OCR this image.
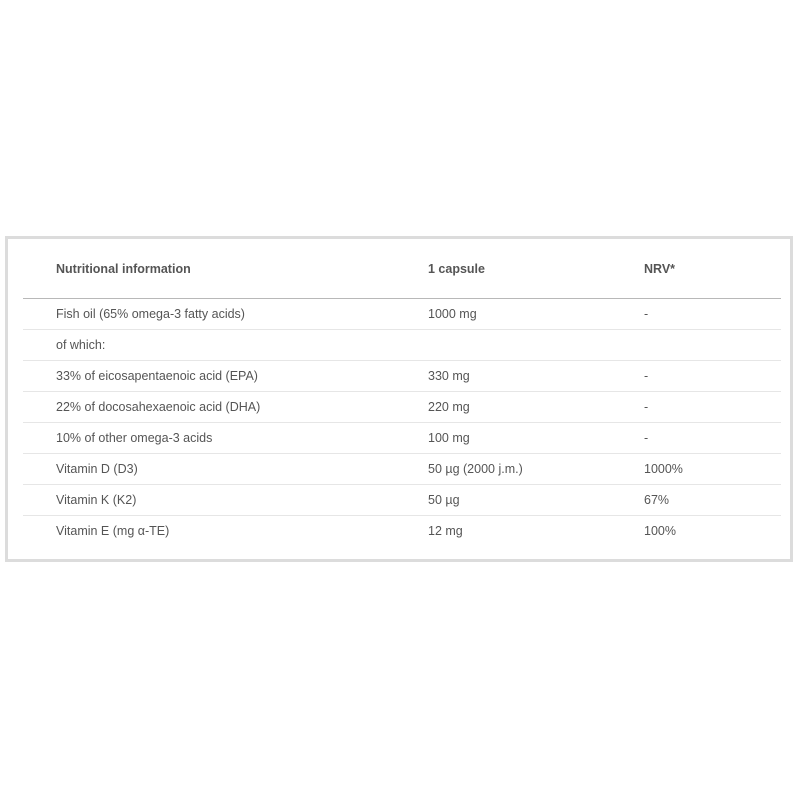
Nutritional information	1 capsule	NRV*
Fish oil (65% omega-3 fatty acids)	1000 mg	-
of which:		
33% of eicosapentaenoic acid (EPA)	330 mg	-
22% of docosahexaenoic acid (DHA)	220 mg	-
10% of other omega-3 acids	100 mg	-
Vitamin D (D3)	50 µg (2000 j.m.)	1000%
Vitamin K (K2)	50 µg	67%
Vitamin E (mg α-TE)	12 mg	100%
